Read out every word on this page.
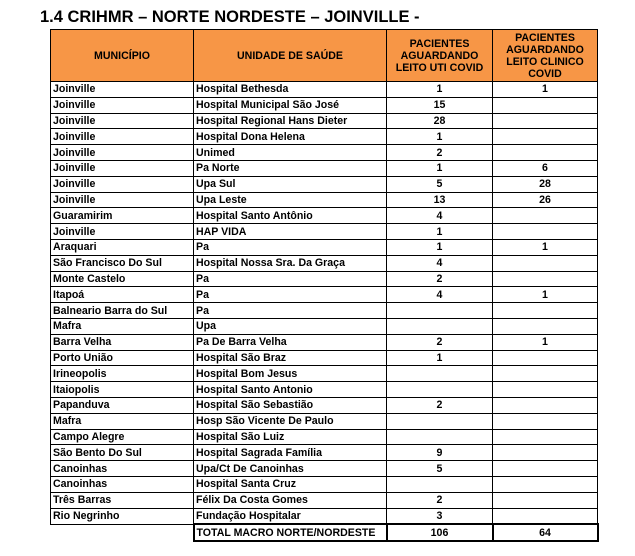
1.4 CRIHMR – NORTE NORDESTE – JOINVILLE -
MUNICÍPIO	UNIDADE DE SAÚDE	PACIENTES AGUARDANDO LEITO UTI COVID	PACIENTES AGUARDANDO LEITO CLINICO COVID
Joinville	Hospital Bethesda	1	1
Joinville	Hospital Municipal São José	15	
Joinville	Hospital Regional Hans Dieter	28	
Joinville	Hospital Dona Helena	1	
Joinville	Unimed	2	
Joinville	Pa Norte	1	6
Joinville	Upa Sul	5	28
Joinville	Upa Leste	13	26
Guaramirim	Hospital Santo Antônio	4	
Joinville	HAP VIDA	1	
Araquari	Pa	1	1
São Francisco Do Sul	Hospital Nossa Sra. Da Graça	4	
Monte Castelo	Pa	2	
Itapoá	Pa	4	1
Balneario Barra do Sul	Pa		
Mafra	Upa		
Barra Velha	Pa De Barra Velha	2	1
Porto União	Hospital São Braz	1	
Irineopolis	Hospital Bom Jesus		
Itaiopolis	Hospital Santo Antonio		
Papanduva	Hospital São Sebastião	2	
Mafra	Hosp São Vicente De Paulo		
Campo Alegre	Hospital São Luiz		
São Bento Do Sul	Hospital Sagrada Família	9	
Canoinhas	Upa/Ct De Canoinhas	5	
Canoinhas	Hospital Santa Cruz		
Três Barras	Félix Da Costa Gomes	2	
Rio Negrinho	Fundação Hospitalar	3	
	TOTAL MACRO NORTE/NORDESTE	106	64
